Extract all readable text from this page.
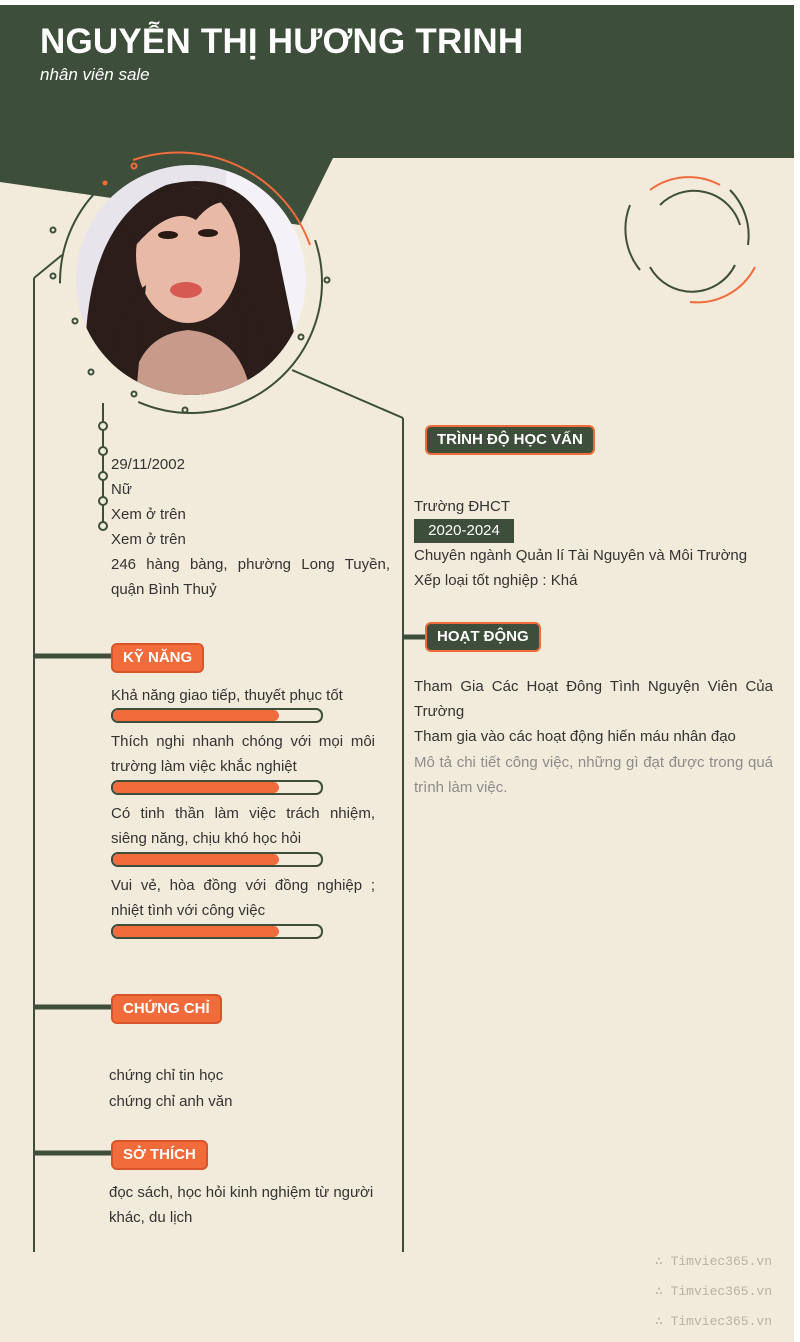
NGUYỄN THỊ HƯƠNG TRINH
nhân viên sale
29/11/2002
Nữ
Xem ở trên
Xem ở trên
246 hàng bàng, phường Long Tuyền, quận Bình Thuỷ
KỸ NĂNG
Khả năng giao tiếp, thuyết phục tốt
Thích nghi nhanh chóng với mọi môi trường làm việc khắc nghiệt
Có tinh thần làm việc trách nhiệm, siêng năng, chịu khó học hỏi
Vui vẻ, hòa đồng với đồng nghiệp ; nhiệt tình với công việc
CHỨNG CHỈ
chứng chỉ tin học
chứng chỉ anh văn
SỞ THÍCH
đọc sách, học hỏi kinh nghiệm từ người khác, du lịch
TRÌNH ĐỘ HỌC VẤN
Trường ĐHCT
2020-2024
Chuyên ngành Quản lí Tài Nguyên và Môi Trường
Xếp loại tốt nghiệp : Khá
HOẠT ĐỘNG
Tham Gia Các Hoạt Đông Tình Nguyện Viên Của Trường
Tham gia vào các hoạt động hiến máu nhân đạo
Mô tả chi tiết công việc, những gì đạt được trong quá trình làm việc.
∴ Timviec365.vn
∴ Timviec365.vn
∴ Timviec365.vn
